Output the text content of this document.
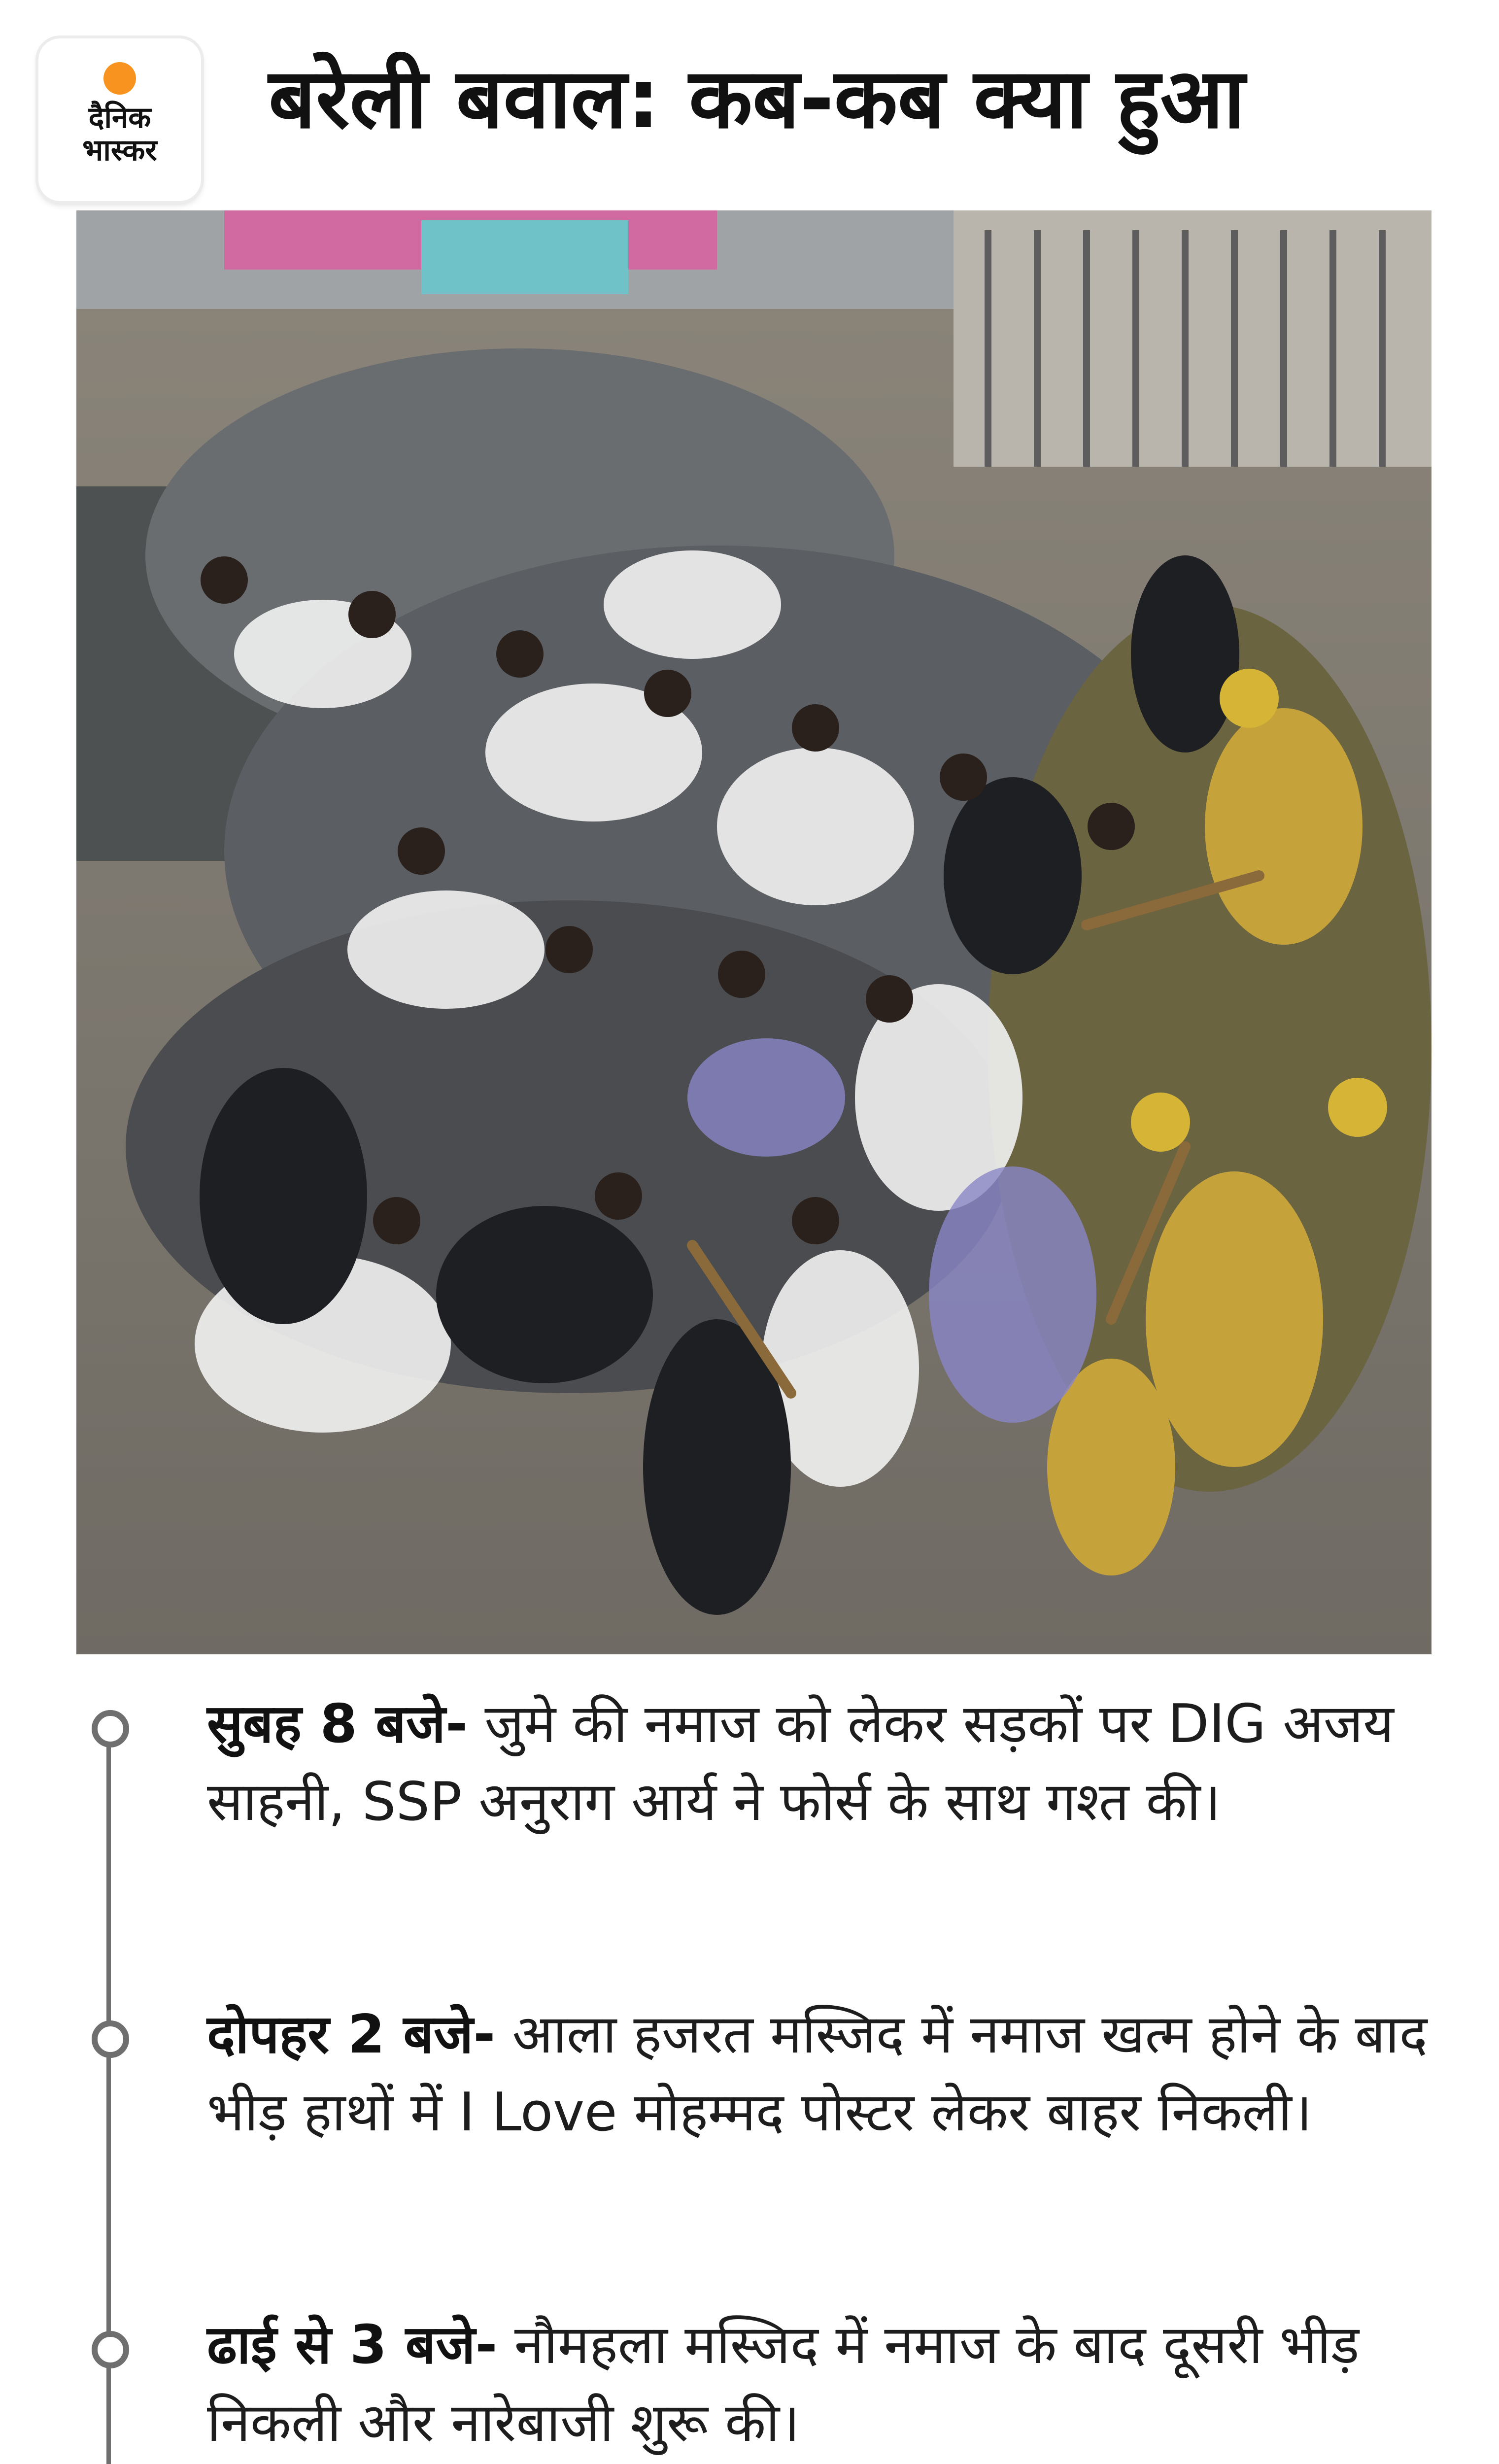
दैनिक
भास्कर
बरेली बवाल: कब-कब क्या हुआ
सुबह 8 बजे- जुमे की नमाज को लेकर सड़कों पर DIG अजय साहनी, SSP अनुराग आर्य ने फोर्स के साथ गश्त की।
दोपहर 2 बजे- आला हजरत मस्जिद में नमाज खत्म होने के बाद भीड़ हाथों में I Love मोहम्मद पोस्टर लेकर बाहर निकली।
ढाई से 3 बजे- नौमहला मस्जिद में नमाज के बाद दूसरी भीड़ निकली और नारेबाजी शुरू की।
